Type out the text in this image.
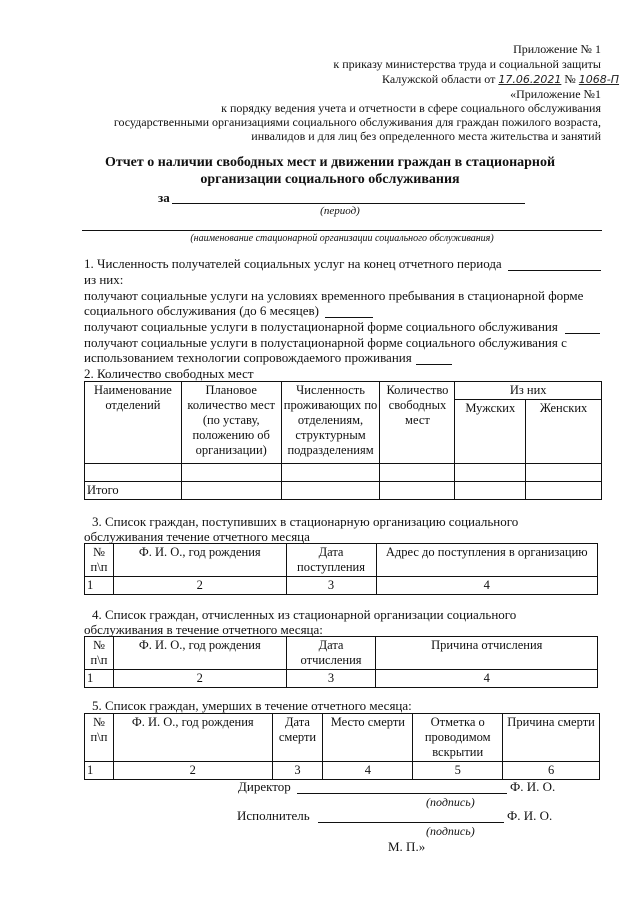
Приложение № 1
к приказу министерства труда и социальной защиты
Калужской области от 17.06.2021 № 1068-П
«Приложение №1
к порядку ведения учета и отчетности в сфере социального обслуживания
государственными организациями социального обслуживания для граждан пожилого возраста,
инвалидов и для лиц без определенного места жительства и занятий
Отчет о наличии свободных мест и движении граждан в стационарной
организации социального обслуживания
за
(период)
(наименование стационарной организации социального обслуживания)
1. Численность получателей социальных услуг на конец отчетного периода
из них:
получают социальные услуги на условиях временного пребывания в стационарной форме
социального обслуживания (до 6 месяцев)
получают социальные услуги в полустационарной форме социального обслуживания
получают социальные услуги в полустационарной форме социального обслуживания с
использованием технологии сопровождаемого проживания
2. Количество свободных мест
Наименование отделений	Плановое количество мест (по уставу, положению об организации)	Численность проживающих по отделениям, структурным подразделениям	Количество свободных мест	Из них	
				Мужских	Женских

Итого					
3. Список граждан, поступивших в стационарную организацию социального
обслуживания течение отчетного месяца
№ п\п	Ф. И. О., год рождения	Дата поступления	Адрес до поступления в организацию
1	2	3	4
4. Список граждан, отчисленных из стационарной организации социального
обслуживания в течение отчетного месяца:
№ п\п	Ф. И. О., год рождения	Дата отчисления	Причина отчисления
1	2	3	4
5. Список граждан, умерших в течение отчетного месяца:
№ п\п	Ф. И. О., год рождения	Дата смерти	Место смерти	Отметка о проводимом вскрытии	Причина смерти
1	2	3	4	5	6
Директор	Ф. И. О.
(подпись)
Исполнитель	Ф. И. О.
(подпись)
М. П.»
